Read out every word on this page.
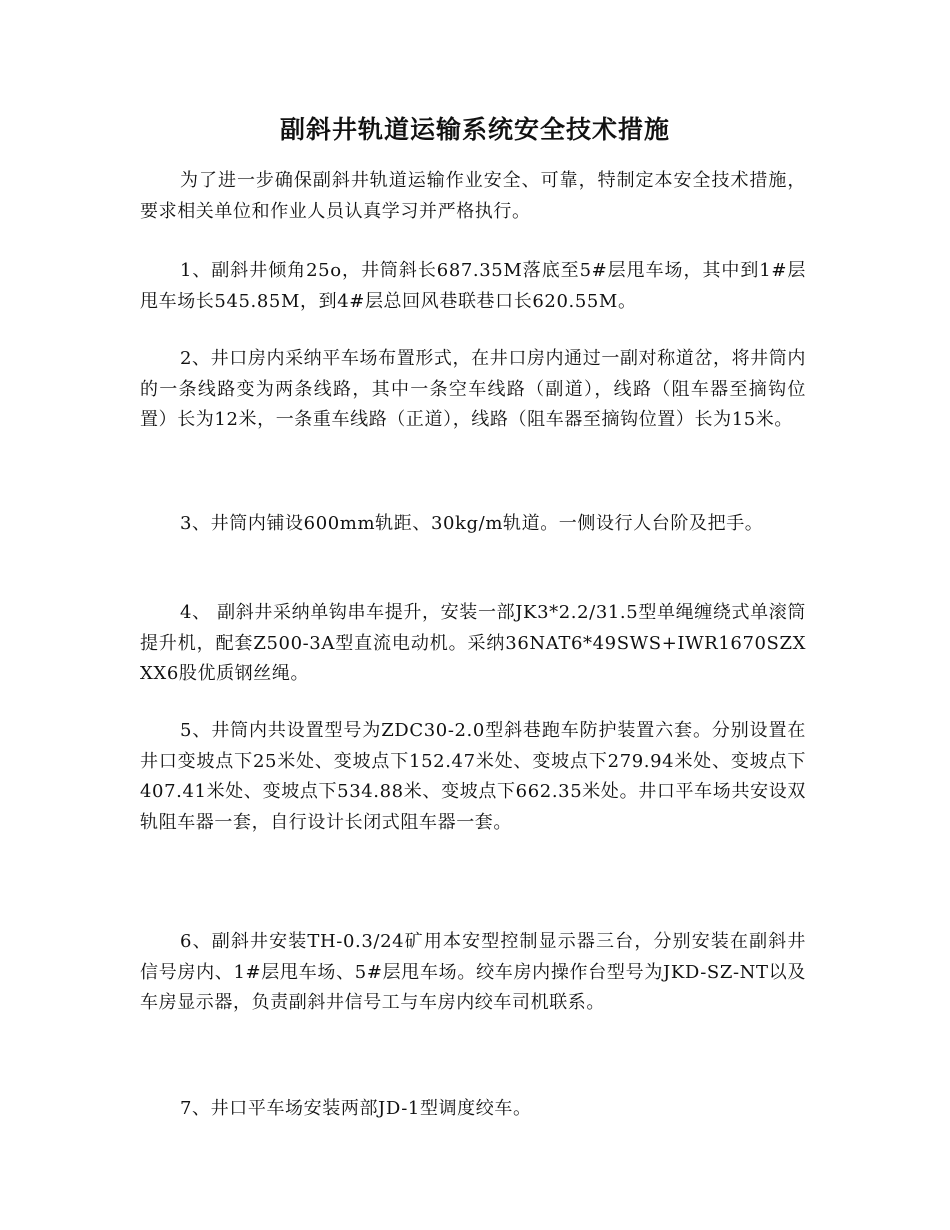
副斜井轨道运输系统安全技术措施

为了进一步确保副斜井轨道运输作业安全、可靠，特制定本安全技术措施，要求相关单位和作业人员认真学习并严格执行。

1、副斜井倾角25o，井筒斜长687.35M落底至5#层甩车场，其中到1#层甩车场长545.85M，到4#层总回风巷联巷口长620.55M。

2、井口房内采纳平车场布置形式，在井口房内通过一副对称道岔，将井筒内的一条线路变为两条线路，其中一条空车线路（副道），线路（阻车器至摘钩位置）长为12米，一条重车线路（正道），线路（阻车器至摘钩位置）长为15米。

3、井筒内铺设600mm轨距、30kg/m轨道。一侧设行人台阶及把手。

4、 副斜井采纳单钩串车提升，安装一部JK3*2.2/31.5型单绳缠绕式单滚筒提升机，配套Z500-3A型直流电动机。采纳36NAT6*49SWS+IWR1670SZXXX6股优质钢丝绳。

5、井筒内共设置型号为ZDC30-2.0型斜巷跑车防护装置六套。分别设置在井口变坡点下25米处、变坡点下152.47米处、变坡点下279.94米处、变坡点下407.41米处、变坡点下534.88米、变坡点下662.35米处。井口平车场共安设双轨阻车器一套，自行设计长闭式阻车器一套。

6、副斜井安装TH-0.3/24矿用本安型控制显示器三台，分别安装在副斜井信号房内、1#层甩车场、5#层甩车场。绞车房内操作台型号为JKD-SZ-NT以及车房显示器，负责副斜井信号工与车房内绞车司机联系。

7、井口平车场安装两部JD-1型调度绞车。
